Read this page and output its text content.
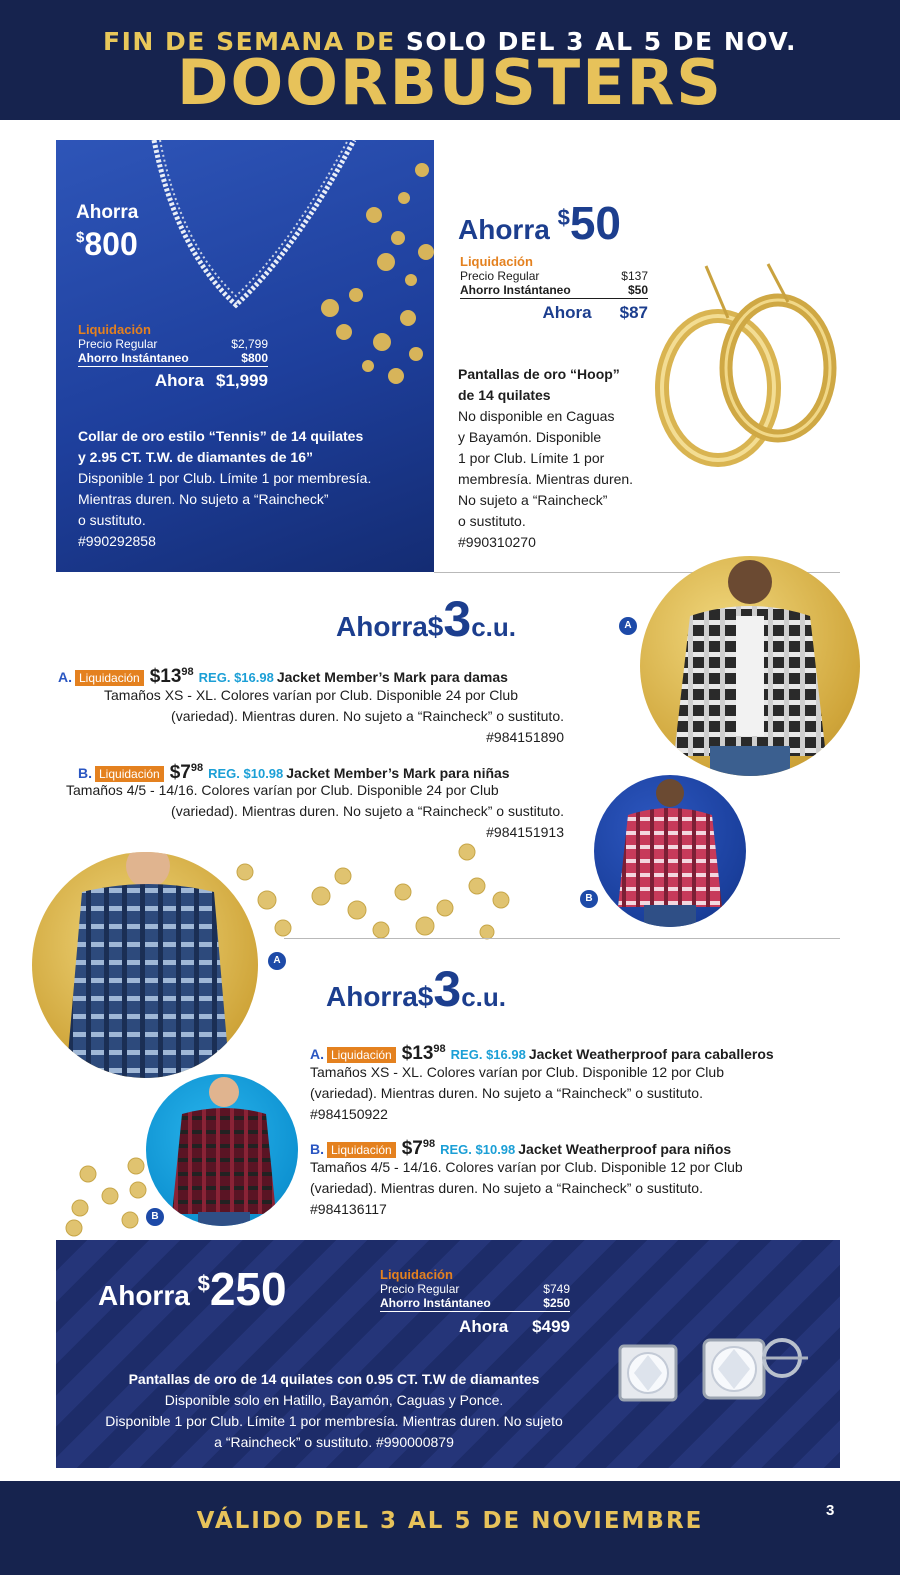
FIN DE SEMANA DE SOLO DEL 3 AL 5 DE NOV.
DOORBUSTERS
Ahorra
$800
Liquidación
Precio Regular	$2,799
Ahorro Instántaneo	$800
Ahora $1,999
Collar de oro estilo “Tennis” de 14 quilates
y 2.95 CT. T.W. de diamantes de 16”
Disponible 1 por Club. Límite 1 por membresía.
Mientras duren. No sujeto a “Raincheck”
o sustituto.
#990292858
Ahorra $50
Liquidación
Precio Regular	$137
Ahorro Instántaneo	$50
Ahora $87
Pantallas de oro “Hoop”
de 14 quilates
No disponible en Caguas
y Bayamón. Disponible
1 por Club. Límite 1 por
membresía. Mientras duren.
No sujeto a “Raincheck”
o sustituto.
#990310270
Ahorra$3c.u.	A
B
A. Liquidación $\$13^{98}$ REG. $16.98 Jacket Member’s Mark para damas
Tamaños XS - XL. Colores varían por Club. Disponible 24 por Club
(variedad). Mientras duren. No sujeto a “Raincheck” o sustituto.
#984151890
B. Liquidación $\$7^{98}$ REG. $10.98 Jacket Member’s Mark para niñas
Tamaños 4/5 - 14/16. Colores varían por Club. Disponible 24 por Club
(variedad). Mientras duren. No sujeto a “Raincheck” o sustituto.
#984151913
A
B
Ahorra$3c.u.
A. Liquidación $\$13^{98}$ REG. $16.98 Jacket Weatherproof para caballeros
Tamaños XS - XL. Colores varían por Club. Disponible 12 por Club
(variedad). Mientras duren. No sujeto a “Raincheck” o sustituto.
#984150922
B. Liquidación $\$7^{98}$ REG. $10.98 Jacket Weatherproof para niños
Tamaños 4/5 - 14/16. Colores varían por Club. Disponible 12 por Club
(variedad). Mientras duren. No sujeto a “Raincheck” o sustituto.
#984136117
Ahorra $250	Liquidación
Precio Regular	$749
Ahorro Instántaneo	$250
Ahora $499
Pantallas de oro de 14 quilates con 0.95 CT. T.W de diamantes
Disponible solo en Hatillo, Bayamón, Caguas y Ponce.
Disponible 1 por Club. Límite 1 por membresía. Mientras duren. No sujeto
a “Raincheck” o sustituto. #990000879
VÁLIDO DEL 3 AL 5 DE NOVIEMBRE	3
